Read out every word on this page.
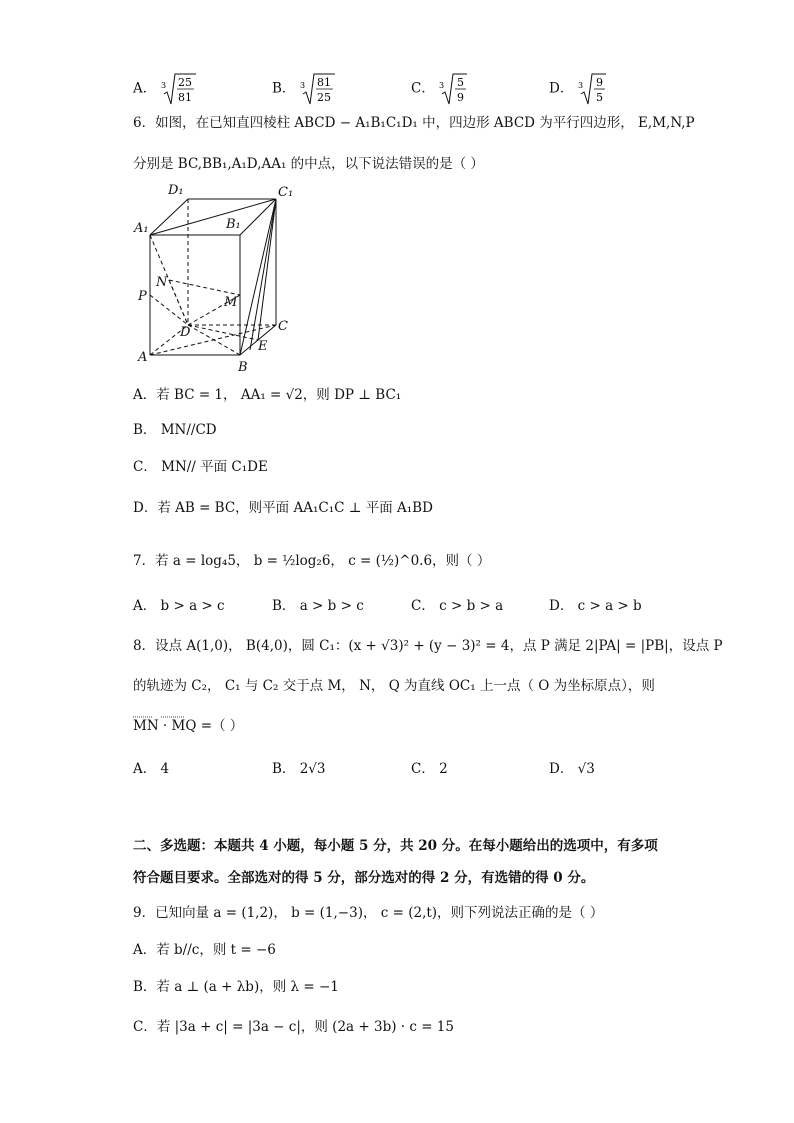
A． 3 25
81
B． 3 81
25
C． 3 5
9
D． 3 9
5
6．如图，在已知直四棱柱 ABCD − A₁B₁C₁D₁ 中，四边形 ABCD 为平行四边形， E,M,N,P
分别是 BC,BB₁,A₁D,AA₁ 的中点，以下说法错误的是（ ）
D₁	C₁
A₁	B₁
N
P	M
D	C
E
A
B
A．若 BC = 1， AA₁ = √2，则 DP ⊥ BC₁
B． MN//CD
C． MN// 平面 C₁DE
D．若 AB = BC，则平面 AA₁C₁C ⊥ 平面 A₁BD
7．若 a = log₄5， b = ½log₂6， c = (½)^0.6，则（ ）
A． b > a > c	B． a > b > c	C． c > b > a	D． c > a > b
8．设点 A(1,0)， B(4,0)，圆 C₁：(x + √3)² + (y − 3)² = 4，点 P 满足 2|PA| = |PB|，设点 P
的轨迹为 C₂， C₁ 与 C₂ 交于点 M， N， Q 为直线 OC₁ 上一点（ O 为坐标原点），则
MN · MQ =（ ）
A． 4	B． 2√3	C． 2	D． √3
二、多选题：本题共 4 小题，每小题 5 分，共 20 分。在每小题给出的选项中，有多项
符合题目要求。全部选对的得 5 分，部分选对的得 2 分，有选错的得 0 分。
9．已知向量 a = (1,2)， b = (1,−3)， c = (2,t)，则下列说法正确的是（ ）
A．若 b//c，则 t = −6
B．若 a ⊥ (a + λb)，则 λ = −1
C．若 |3a + c| = |3a − c|，则 (2a + 3b) · c = 15
